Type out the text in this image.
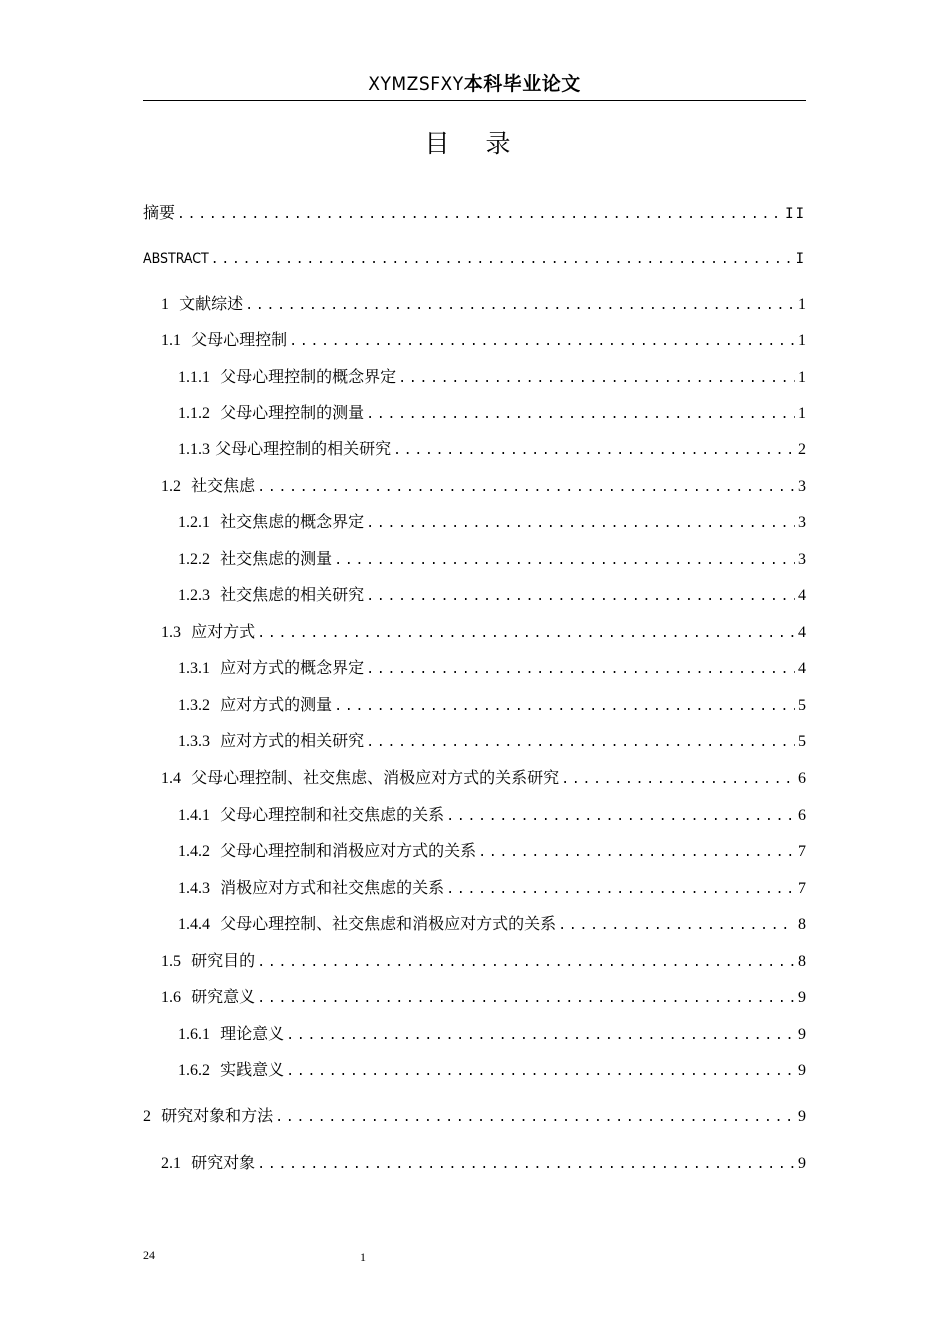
XYMZSFXY本科毕业论文
目 录
摘要 .....	II
ABSTRACT .....	I
1 文献综述 .....	1
1.1 父母心理控制 .....	1
1.1.1 父母心理控制的概念界定 .....	1
1.1.2 父母心理控制的测量 .....	1
1.1.3 父母心理控制的相关研究 .....	2
1.2 社交焦虑 .....	3
1.2.1 社交焦虑的概念界定 .....	3
1.2.2 社交焦虑的测量 .....	3
1.2.3 社交焦虑的相关研究 .....	4
1.3 应对方式 .....	4
1.3.1 应对方式的概念界定 .....	4
1.3.2 应对方式的测量 .....	5
1.3.3 应对方式的相关研究 .....	5
1.4 父母心理控制、社交焦虑、消极应对方式的关系研究 .....	6
1.4.1 父母心理控制和社交焦虑的关系 .....	6
1.4.2 父母心理控制和消极应对方式的关系 .....	7
1.4.3 消极应对方式和社交焦虑的关系 .....	7
1.4.4 父母心理控制、社交焦虑和消极应对方式的关系 .....	8
1.5 研究目的 .....	8
1.6 研究意义 .....	9
1.6.1 理论意义 .....	9
1.6.2 实践意义 .....	9
2 研究对象和方法 .....	9
2.1 研究对象 .....	9
24	1
